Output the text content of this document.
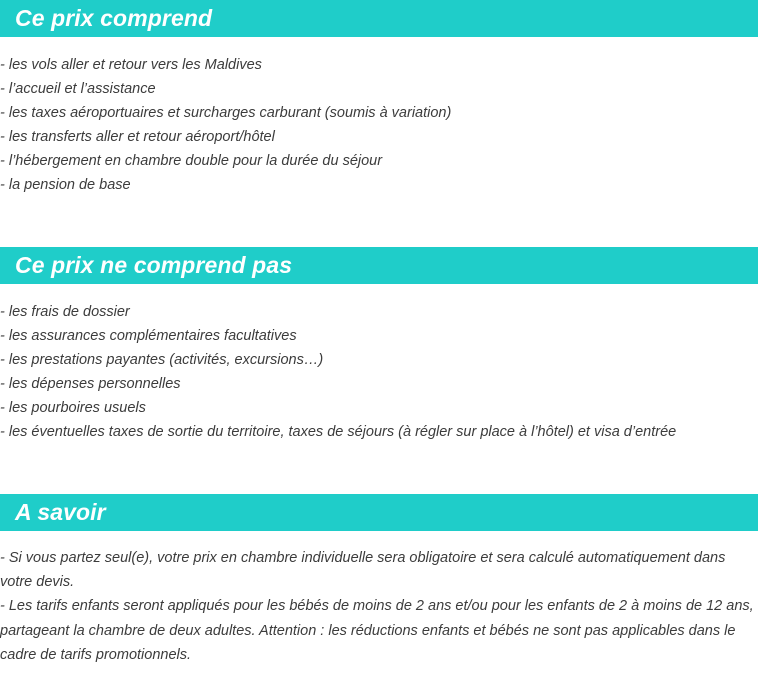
Ce prix comprend
- les vols aller et retour vers les Maldives
- l’accueil et l’assistance
- les taxes aéroportuaires et surcharges carburant (soumis à variation)
- les transferts aller et retour aéroport/hôtel
- l’hébergement en chambre double pour la durée du séjour
- la pension de base
Ce prix ne comprend pas
- les frais de dossier
- les assurances complémentaires facultatives
- les prestations payantes (activités, excursions…)
- les dépenses personnelles
- les pourboires usuels
- les éventuelles taxes de sortie du territoire, taxes de séjours (à régler sur place à l’hôtel) et visa d’entrée
A savoir

- Si vous partez seul(e), votre prix en chambre individuelle sera obligatoire et sera calculé automatiquement dans votre devis.

- Les tarifs enfants seront appliqués pour les bébés de moins de 2 ans et/ou pour les enfants de 2 à moins de 12 ans, partageant la chambre de deux adultes. Attention : les réductions enfants et bébés ne sont pas applicables dans le cadre de tarifs promotionnels.
